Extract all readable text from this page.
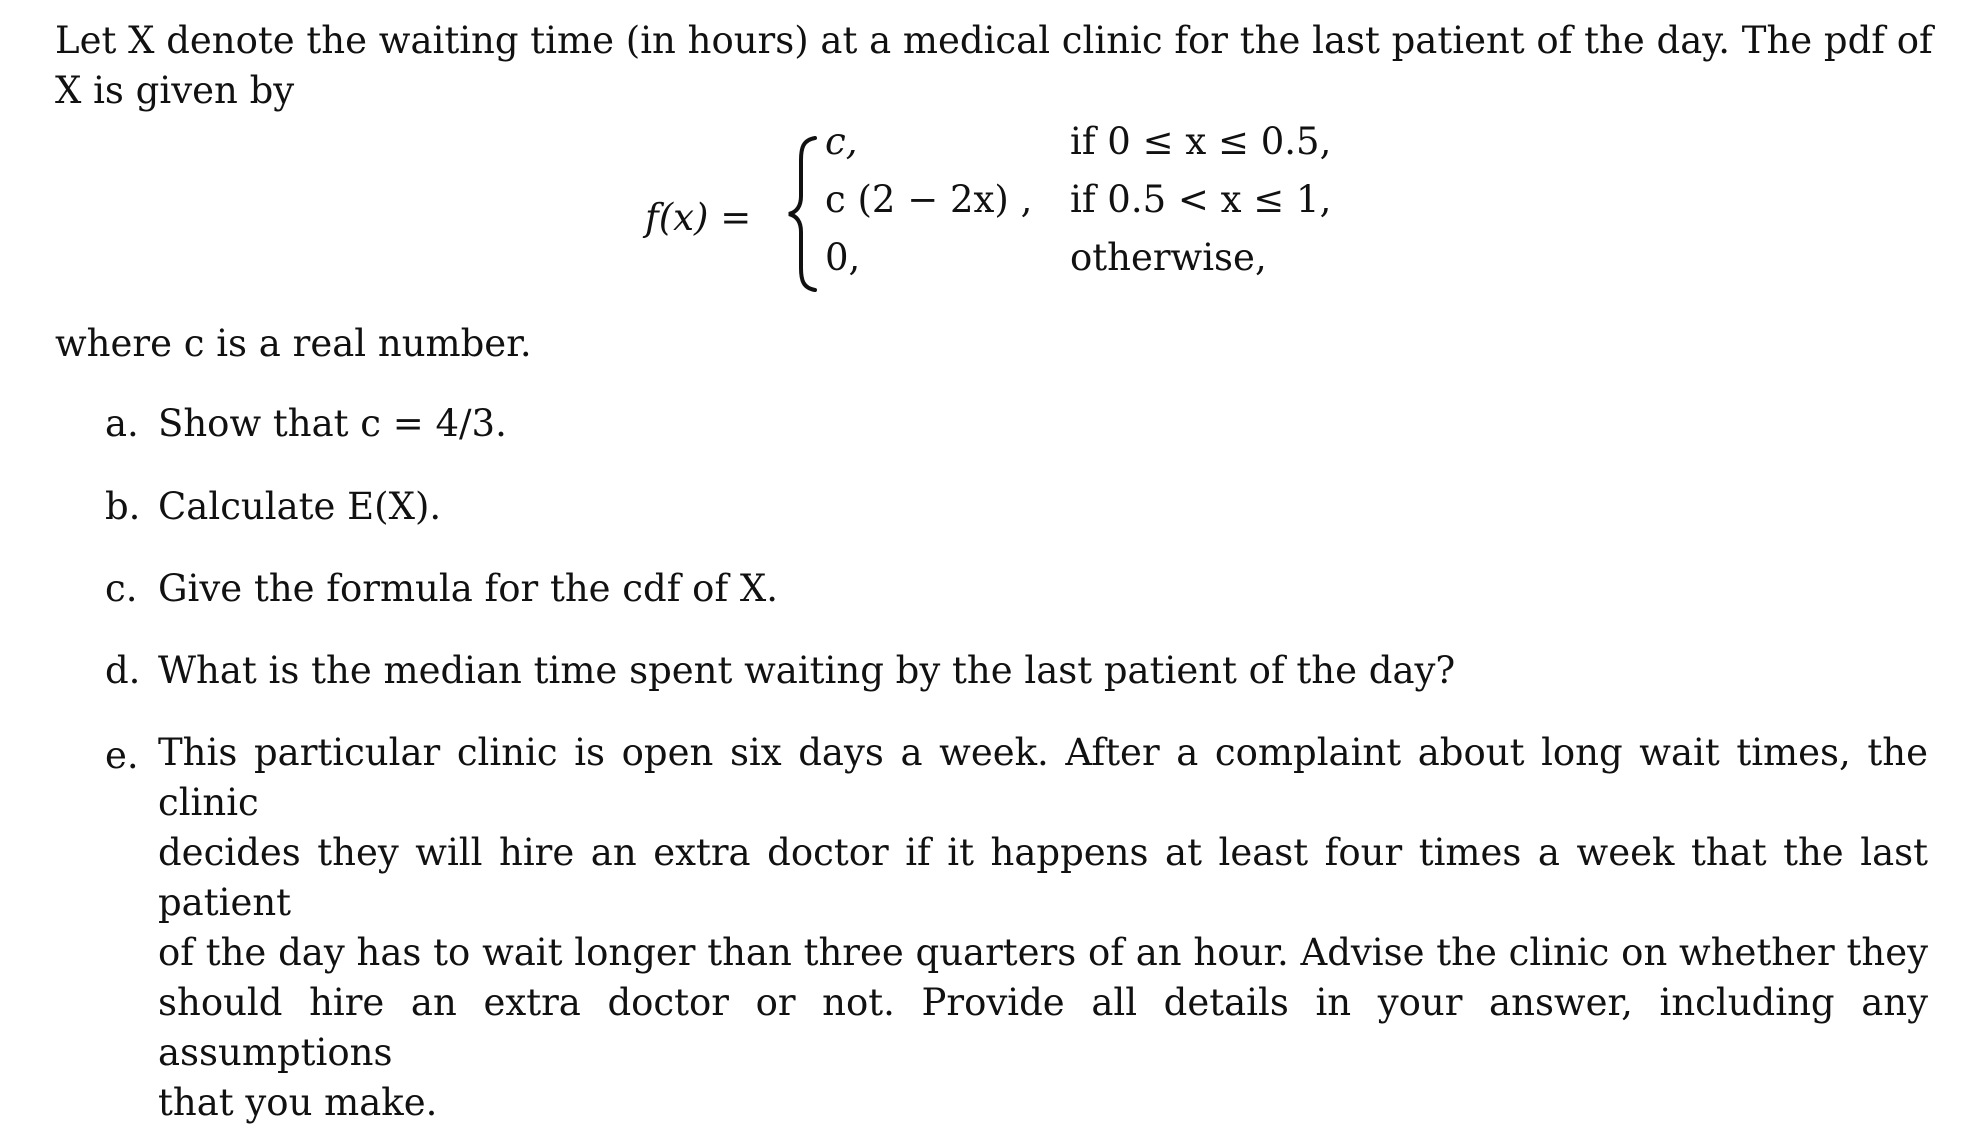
Let X denote the waiting time (in hours) at a medical clinic for the last patient of the day. The pdf of
X is given by
f(x) =
c,	if 0 ≤ x ≤ 0.5,
c (2 − 2x) , if 0.5 < x ≤ 1,
0,	otherwise,
where c is a real number.
a. Show that c = 4/3.
b. Calculate E(X).
c. Give the formula for the cdf of X.
d. What is the median time spent waiting by the last patient of the day?
e. This particular clinic is open six days a week. After a complaint about long wait times, the clinic
decides they will hire an extra doctor if it happens at least four times a week that the last patient
of the day has to wait longer than three quarters of an hour. Advise the clinic on whether they
should hire an extra doctor or not. Provide all details in your answer, including any assumptions
that you make.
